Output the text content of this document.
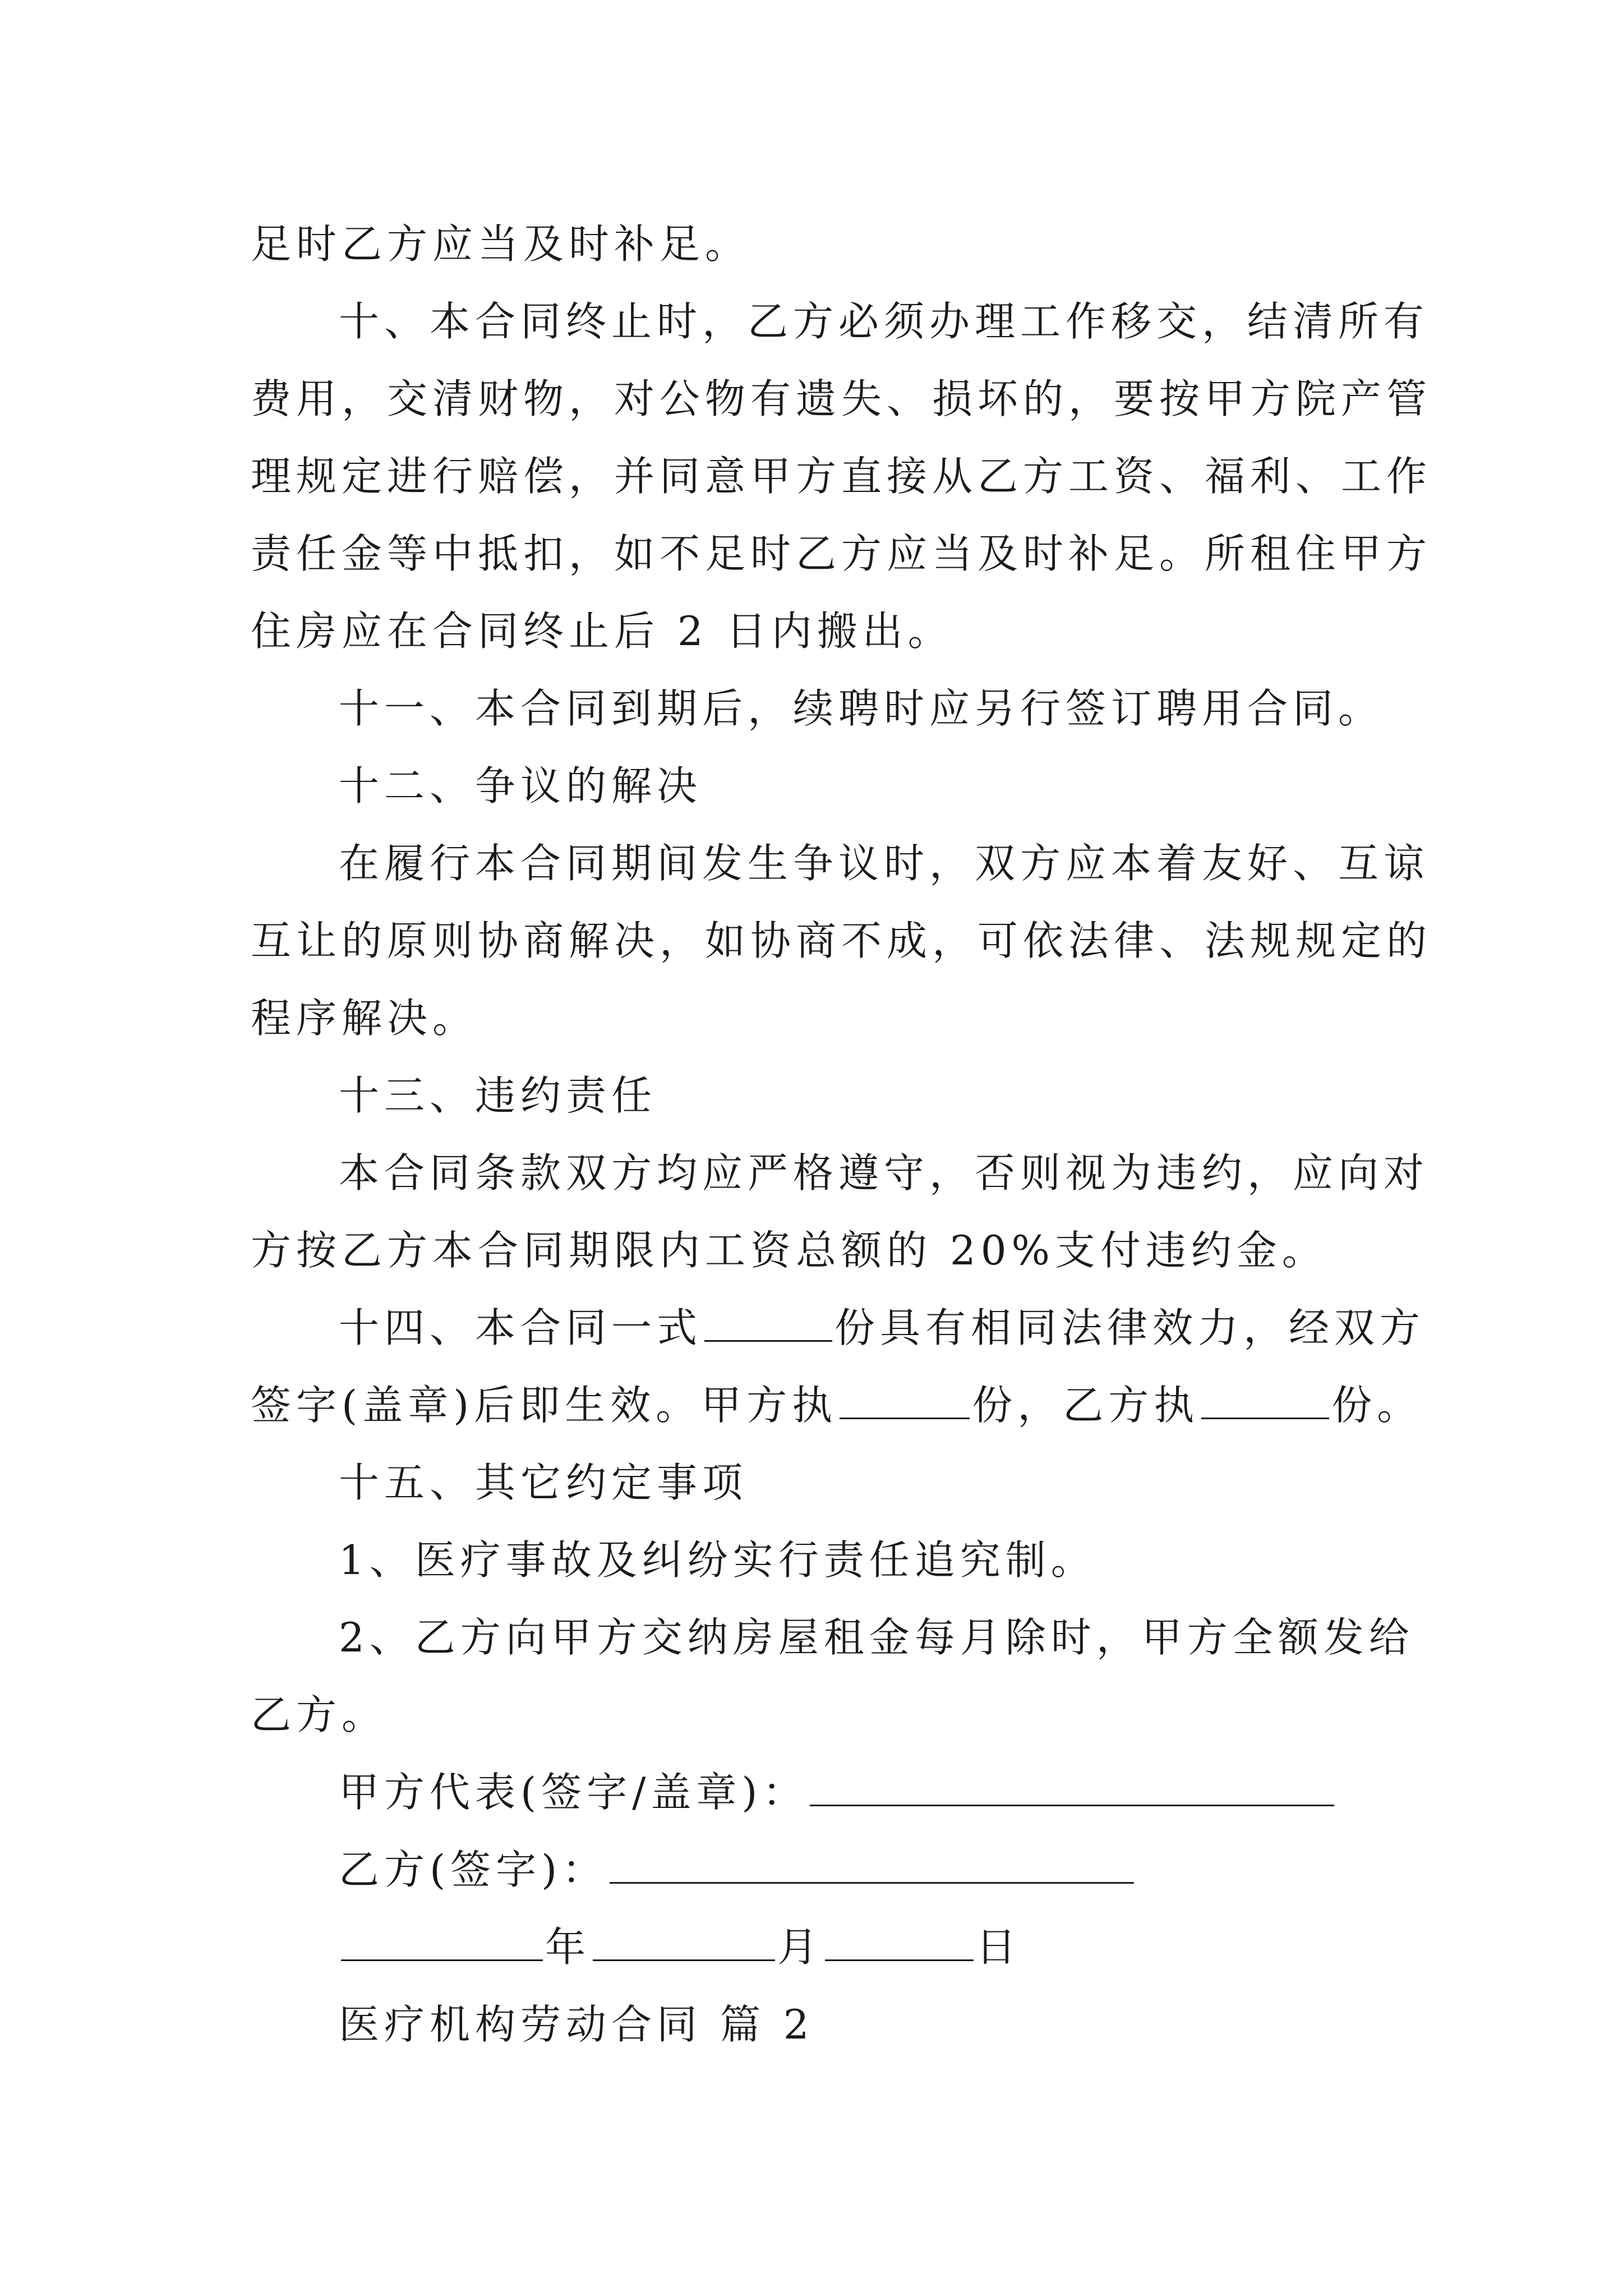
足时乙方应当及时补足。
十、本合同终止时，乙方必须办理工作移交，结清所有
费用，交清财物，对公物有遗失、损坏的，要按甲方院产管
理规定进行赔偿，并同意甲方直接从乙方工资、福利、工作
责任金等中抵扣，如不足时乙方应当及时补足。所租住甲方
住房应在合同终止后 2 日内搬出。
十一、本合同到期后，续聘时应另行签订聘用合同。
十二、争议的解决
在履行本合同期间发生争议时，双方应本着友好、互谅
互让的原则协商解决，如协商不成，可依法律、法规规定的
程序解决。
十三、违约责任
本合同条款双方均应严格遵守，否则视为违约，应向对
方按乙方本合同期限内工资总额的 20%支付违约金。
十四、本合同一式	份具有相同法律效力，经双方
签字(盖章)后即生效。甲方执	份，乙方执	份。
十五、其它约定事项
1、医疗事故及纠纷实行责任追究制。
2、乙方向甲方交纳房屋租金每月除时，甲方全额发给
乙方。
甲方代表(签字/盖章)：
乙方(签字)：
年	月	日
医疗机构劳动合同 篇 2
